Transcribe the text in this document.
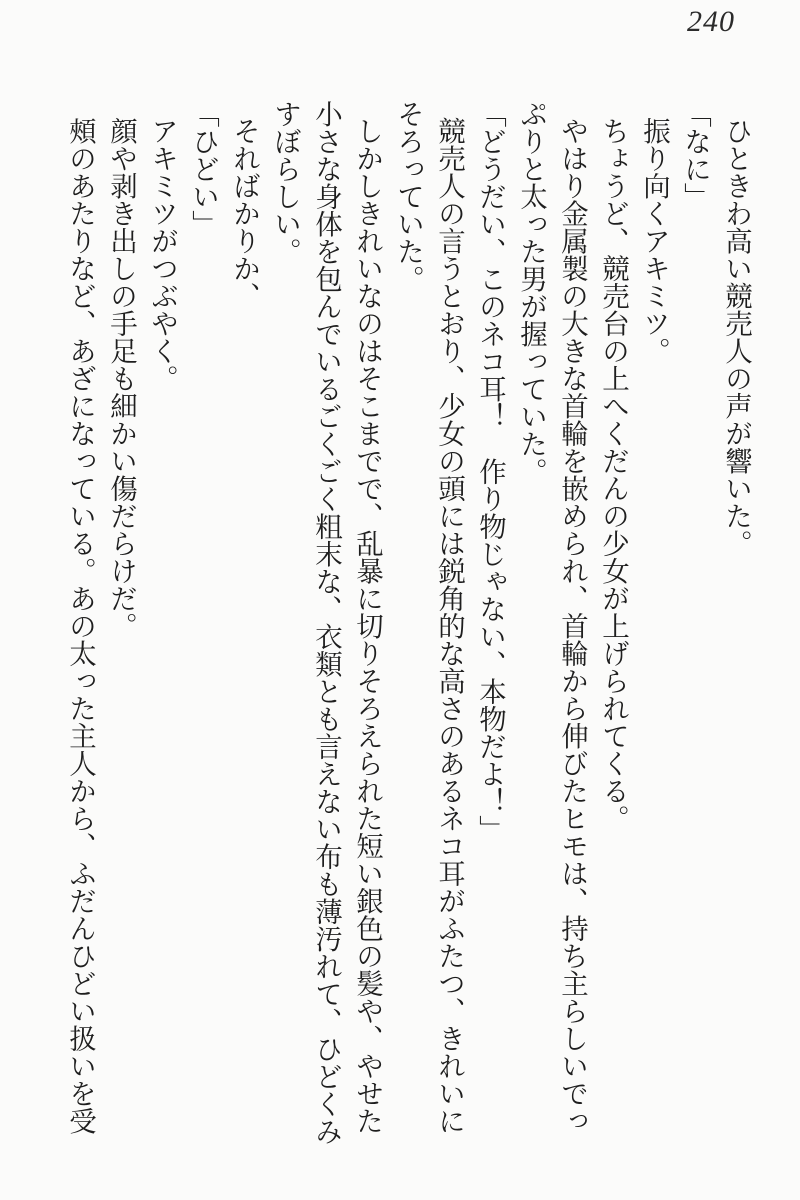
240

ひときわ高い競売人の声が響いた。

「なに」

振り向くアキミツ。

ちょうど、競売台の上へくだんの少女が上げられてくる。

やはり金属製の大きな首輪を嵌められ、首輪から伸びたヒモは、持ち主らしいでっぷりと太った男が握っていた。

「どうだい、このネコ耳！　作り物じゃない、本物だよ！」

競売人の言うとおり、少女の頭には鋭角的な高さのあるネコ耳がふたつ、きれいにそろっていた。

しかしきれいなのはそこまでで、乱暴に切りそろえられた短い銀色の髪や、やせた小さな身体を包んでいるごくごく粗末な、衣類とも言えない布も薄汚れて、ひどくみすぼらしい。

そればかりか、

「ひどい」

アキミツがつぶやく。

顔や剥き出しの手足も細かい傷だらけだ。

頰のあたりなど、あざになっている。あの太った主人から、ふだんひどい扱いを受
